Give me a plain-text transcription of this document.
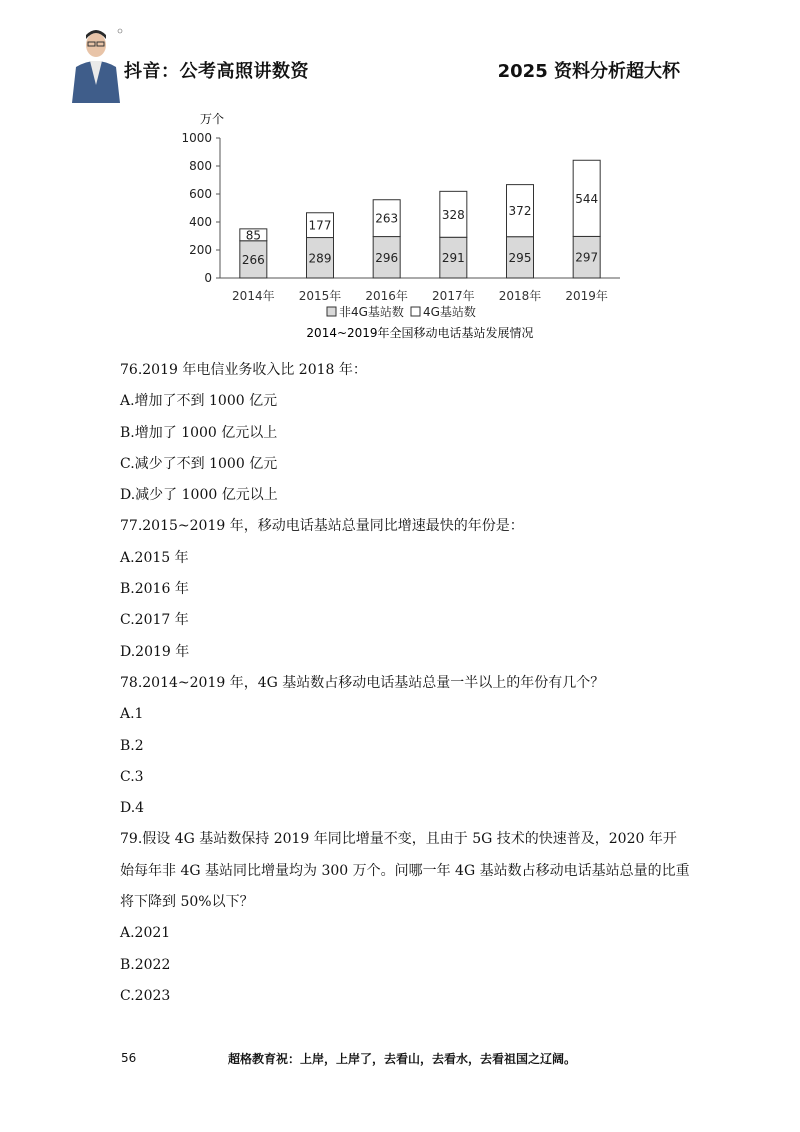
抖音：公考高照讲数资	2025 资料分析超大杯
万个
0
200
400
600
800
1000
266
85
289
177
296
263
291
328
295
372
297
544
2014年 2015年 2016年 2017年 2018年 2019年
非4G基站数 4G基站数
2014~2019年全国移动电话基站发展情况

76.2019 年电信业务收入比 2018 年：

A.增加了不到 1000 亿元

B.增加了 1000 亿元以上

C.减少了不到 1000 亿元

D.减少了 1000 亿元以上

77.2015~2019 年，移动电话基站总量同比增速最快的年份是：

A.2015 年

B.2016 年

C.2017 年

D.2019 年

78.2014~2019 年，4G 基站数占移动电话基站总量一半以上的年份有几个？

A.1

B.2

C.3

D.4

79.假设 4G 基站数保持 2019 年同比增量不变，且由于 5G 技术的快速普及，2020 年开始每年非 4G 基站同比增量均为 300 万个。问哪一年 4G 基站数占移动电话基站总量的比重将下降到 50%以下？

A.2021

B.2022

C.2023

56	超格教育祝：上岸，上岸了，去看山，去看水，去看祖国之辽阔。
